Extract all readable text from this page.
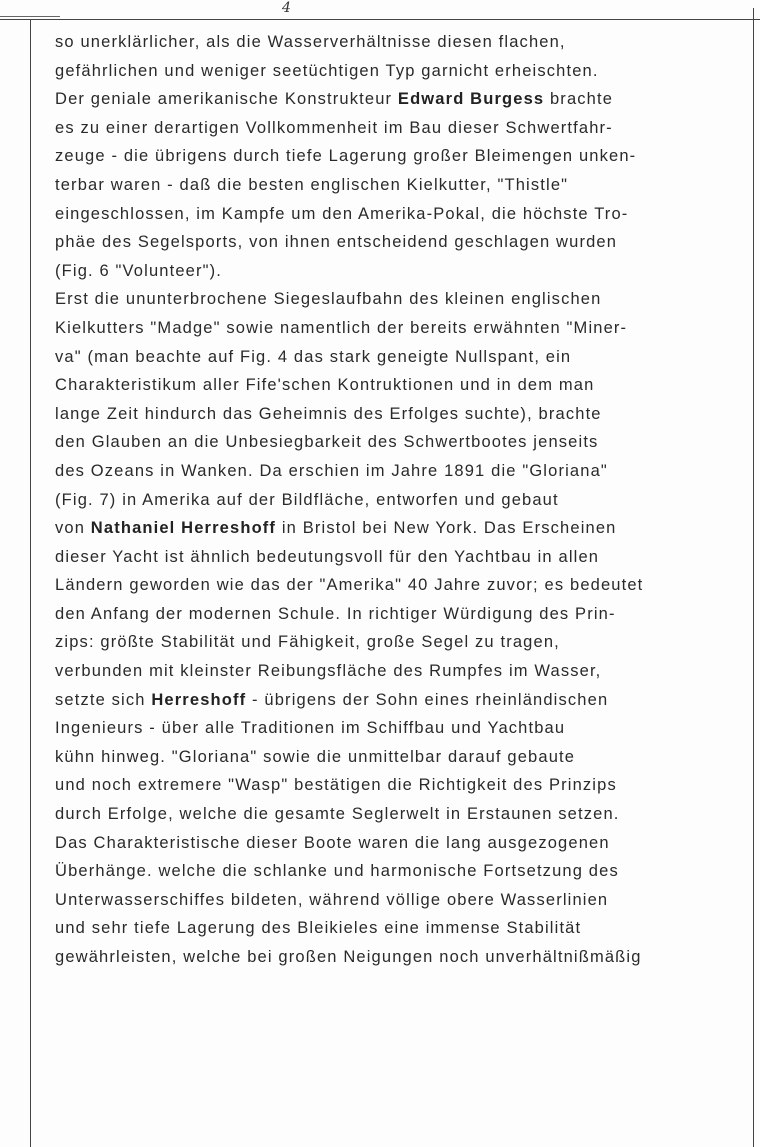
4
so unerklärlicher, als die Wasserverhältnisse diesen flachen,
gefährlichen und weniger seetüchtigen Typ garnicht erheischten.
Der geniale amerikanische Konstrukteur Edward Burgess brachte
es zu einer derartigen Vollkommenheit im Bau dieser Schwertfahr-
zeuge - die übrigens durch tiefe Lagerung großer Bleimengen unken-
terbar waren - daß die besten englischen Kielkutter, "Thistle"
eingeschlossen, im Kampfe um den Amerika-Pokal, die höchste Tro-
phäe des Segelsports, von ihnen entscheidend geschlagen wurden
(Fig. 6 "Volunteer").
Erst die ununterbrochene Siegeslaufbahn des kleinen englischen
Kielkutters "Madge" sowie namentlich der bereits erwähnten "Miner-
va" (man beachte auf Fig. 4 das stark geneigte Nullspant, ein
Charakteristikum aller Fife'schen Kontruktionen und in dem man
lange Zeit hindurch das Geheimnis des Erfolges suchte), brachte
den Glauben an die Unbesiegbarkeit des Schwertbootes jenseits
des Ozeans in Wanken. Da erschien im Jahre 1891 die "Gloriana"
(Fig. 7) in Amerika auf der Bildfläche, entworfen und gebaut
von Nathaniel Herreshoff in Bristol bei New York. Das Erscheinen
dieser Yacht ist ähnlich bedeutungsvoll für den Yachtbau in allen
Ländern geworden wie das der "Amerika" 40 Jahre zuvor; es bedeutet
den Anfang der modernen Schule. In richtiger Würdigung des Prin-
zips: größte Stabilität und Fähigkeit, große Segel zu tragen,
verbunden mit kleinster Reibungsfläche des Rumpfes im Wasser,
setzte sich Herreshoff - übrigens der Sohn eines rheinländischen
Ingenieurs - über alle Traditionen im Schiffbau und Yachtbau
kühn hinweg. "Gloriana" sowie die unmittelbar darauf gebaute
und noch extremere "Wasp" bestätigen die Richtigkeit des Prinzips
durch Erfolge, welche die gesamte Seglerwelt in Erstaunen setzen.
Das Charakteristische dieser Boote waren die lang ausgezogenen
Überhänge. welche die schlanke und harmonische Fortsetzung des
Unterwasserschiffes bildeten, während völlige obere Wasserlinien
und sehr tiefe Lagerung des Bleikieles eine immense Stabilität
gewährleisten, welche bei großen Neigungen noch unverhältnißmäßig
